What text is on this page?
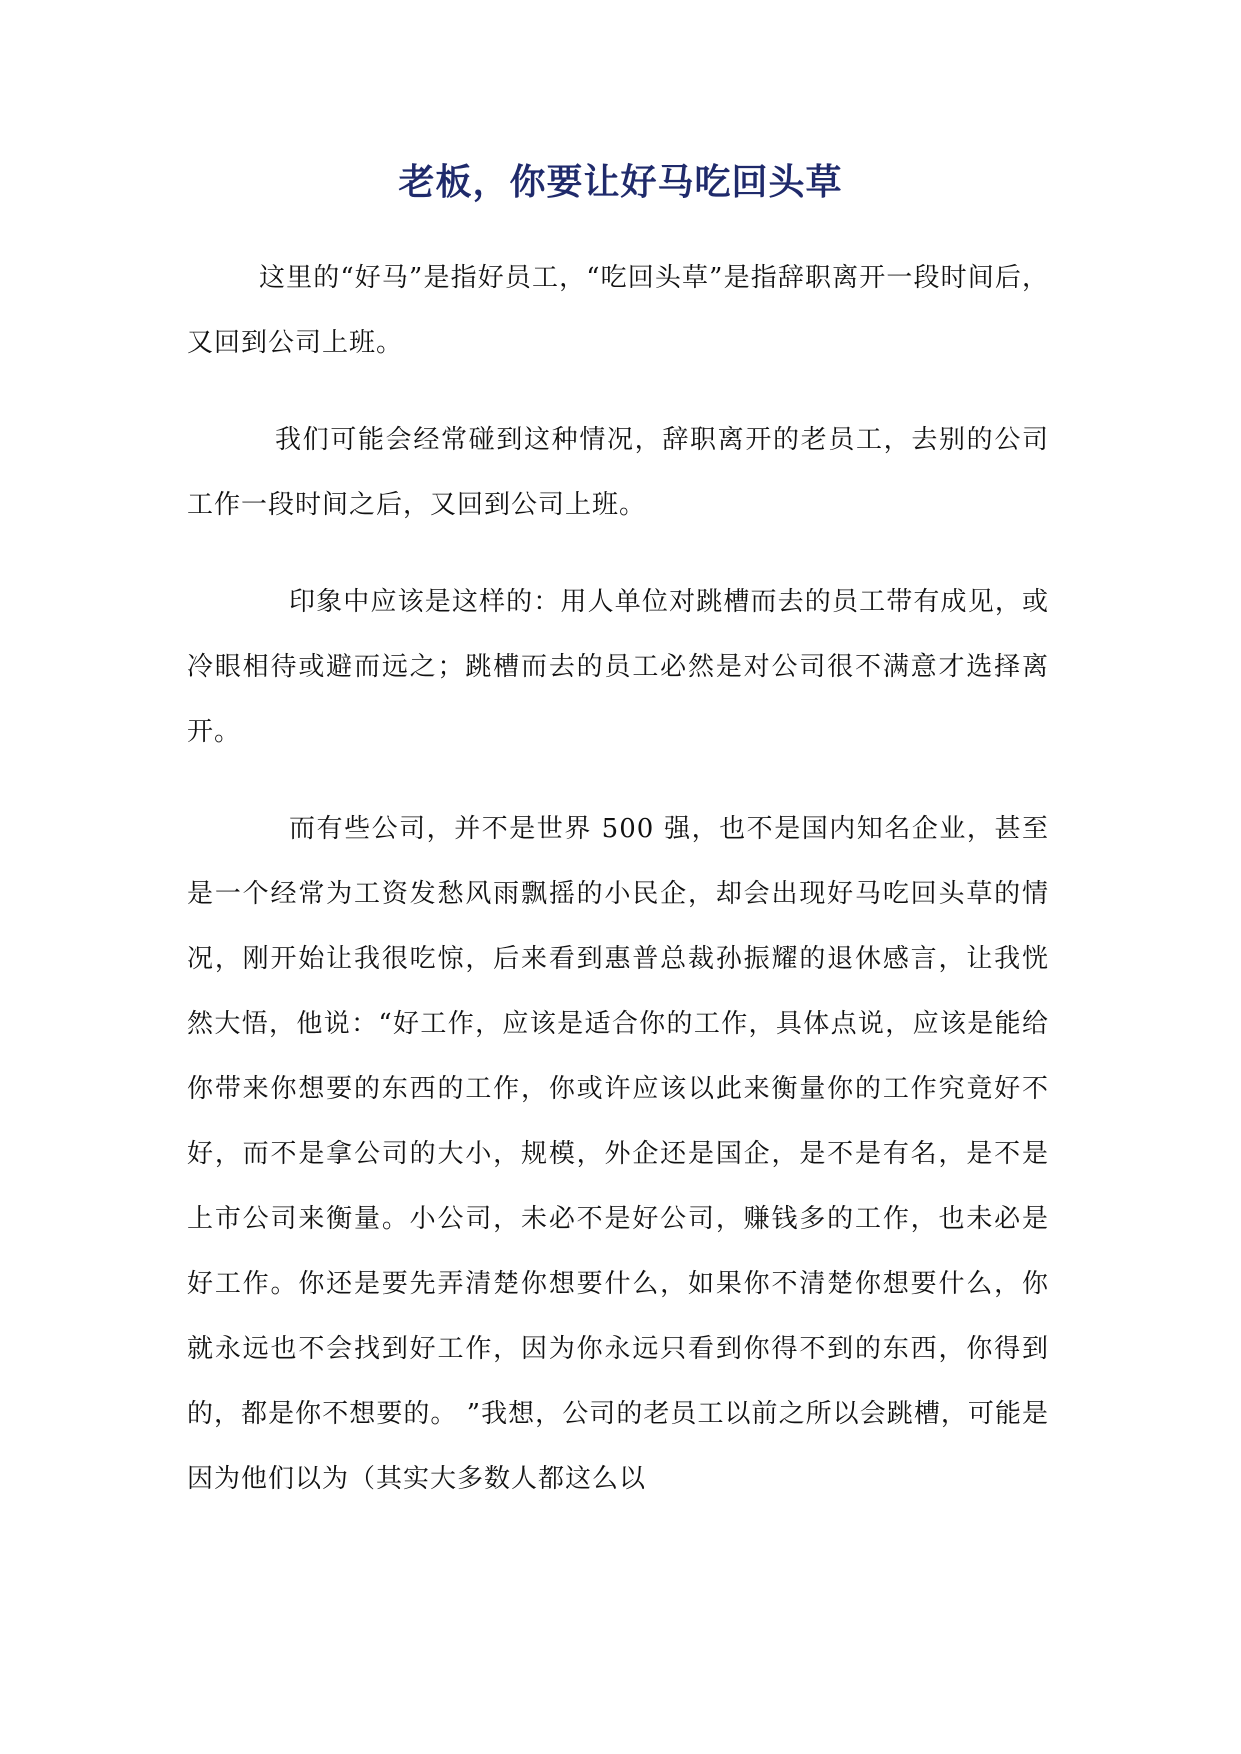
老板，你要让好马吃回头草

这里的“好马”是指好员工，“吃回头草”是指辞职离开一段时间后，又回到公司上班。

我们可能会经常碰到这种情况，辞职离开的老员工，去别的公司工作一段时间之后，又回到公司上班。

印象中应该是这样的：用人单位对跳槽而去的员工带有成见，或冷眼相待或避而远之；跳槽而去的员工必然是对公司很不满意才选择离开。

而有些公司，并不是世界 500 强，也不是国内知名企业，甚至是一个经常为工资发愁风雨飘摇的小民企，却会出现好马吃回头草的情况，刚开始让我很吃惊，后来看到惠普总裁孙振耀的退休感言，让我恍然大悟，他说：“好工作，应该是适合你的工作，具体点说，应该是能给你带来你想要的东西的工作，你或许应该以此来衡量你的工作究竟好不好，而不是拿公司的大小，规模，外企还是国企，是不是有名，是不是上市公司来衡量。小公司，未必不是好公司，赚钱多的工作，也未必是好工作。你还是要先弄清楚你想要什么，如果你不清楚你想要什么，你就永远也不会找到好工作，因为你永远只看到你得不到的东西，你得到的，都是你不想要的。 ”我想，公司的老员工以前之所以会跳槽，可能是因为他们以为（其实大多数人都这么以
